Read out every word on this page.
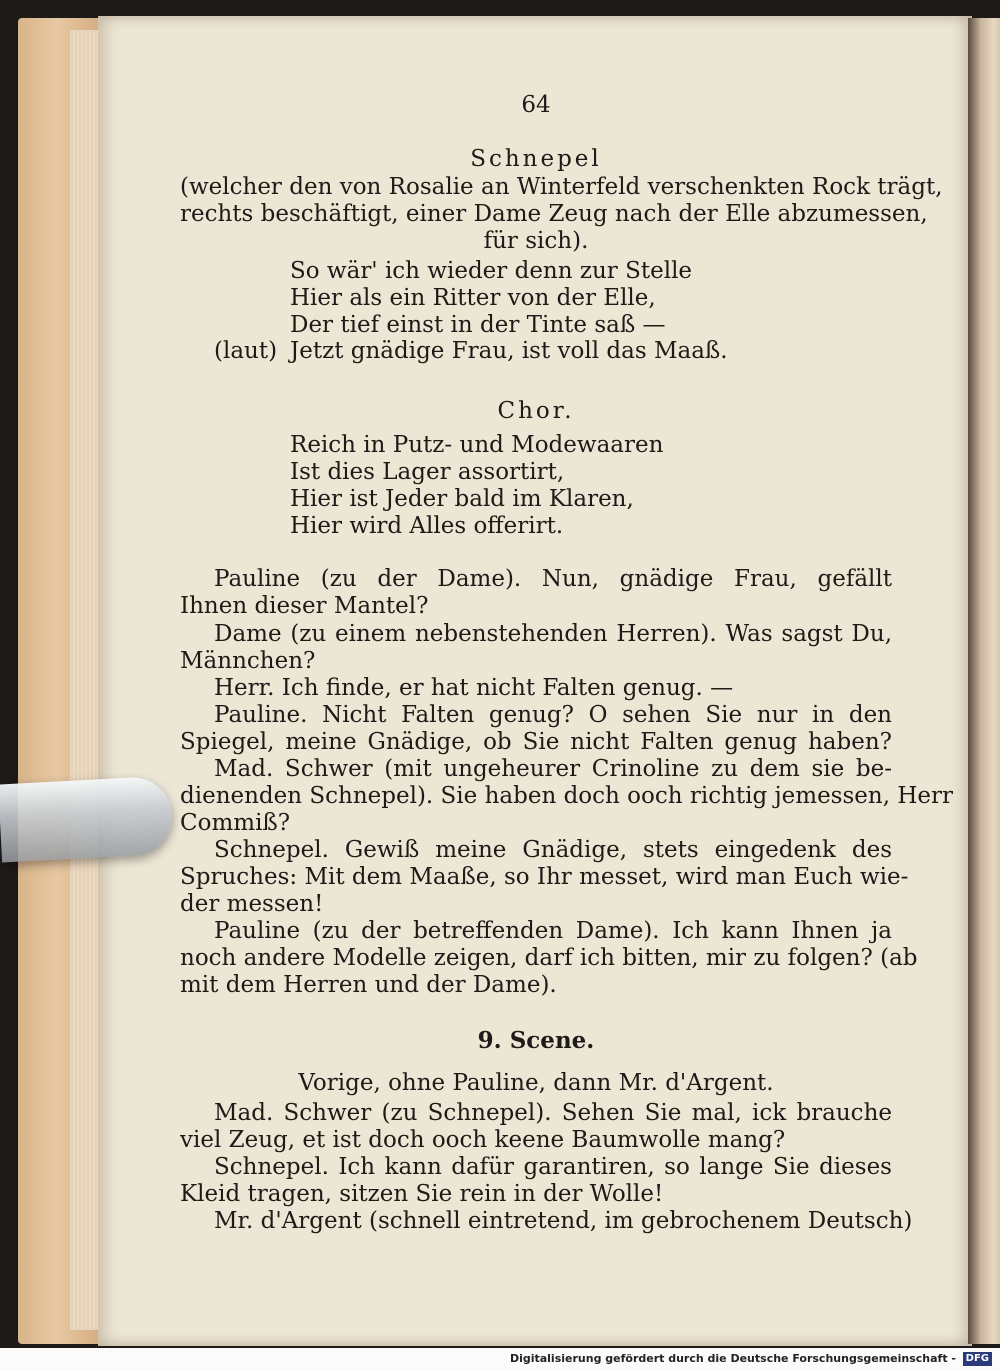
64
Schnepel
(welcher den von Rosalie an Winterfeld verschenkten Rock trägt,
rechts beschäftigt, einer Dame Zeug nach der Elle abzumessen,
für sich).
So wär' ich wieder denn zur Stelle
Hier als ein Ritter von der Elle,
Der tief einst in der Tinte saß —
(laut) Jetzt gnädige Frau, ist voll das Maaß.
Chor.
Reich in Putz- und Modewaaren
Ist dies Lager assortirt,
Hier ist Jeder bald im Klaren,
Hier wird Alles offerirt.
Pauline (zu der Dame). Nun, gnädige Frau, gefällt
Ihnen dieser Mantel?
Dame (zu einem nebenstehenden Herren). Was sagst Du,
Männchen?
Herr. Ich finde, er hat nicht Falten genug. —
Pauline. Nicht Falten genug? O sehen Sie nur in den
Spiegel, meine Gnädige, ob Sie nicht Falten genug haben?
Mad. Schwer (mit ungeheurer Crinoline zu dem sie be-
dienenden Schnepel). Sie haben doch ooch richtig jemessen, Herr
Commiß?
Schnepel. Gewiß meine Gnädige, stets eingedenk des
Spruches: Mit dem Maaße, so Ihr messet, wird man Euch wie-
der messen!
Pauline (zu der betreffenden Dame). Ich kann Ihnen ja
noch andere Modelle zeigen, darf ich bitten, mir zu folgen? (ab
mit dem Herren und der Dame).
9. Scene.
Vorige, ohne Pauline, dann Mr. d'Argent.
Mad. Schwer (zu Schnepel). Sehen Sie mal, ick brauche
viel Zeug, et ist doch ooch keene Baumwolle mang?
Schnepel. Ich kann dafür garantiren, so lange Sie dieses
Kleid tragen, sitzen Sie rein in der Wolle!
Mr. d'Argent (schnell eintretend, im gebrochenem Deutsch)
Digitalisierung gefördert durch die Deutsche Forschungsgemeinschaft - DFG
